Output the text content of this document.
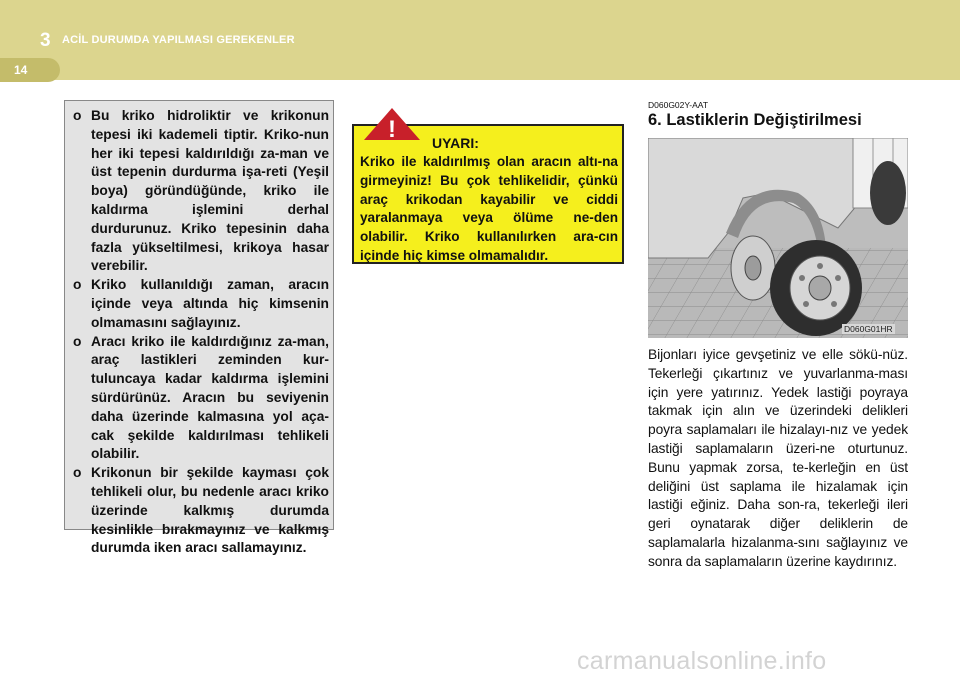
3 ACİL DURUMDA YAPILMASI GEREKENLER
14
o Bu kriko hidroliktir ve krikonun tepesi iki kademeli tiptir. Kriko-nun her iki tepesi kaldırıldığı za-man ve üst tepenin durdurma işa-reti (Yeşil boya) göründüğünde, kriko ile kaldırma işlemini derhal durdurunuz. Kriko tepesinin daha fazla yükseltilmesi, krikoya hasar verebilir.
o Kriko kullanıldığı zaman, aracın içinde veya altında hiç kimsenin olmamasını sağlayınız.
o Aracı kriko ile kaldırdığınız za-man, araç lastikleri zeminden kur-tuluncaya kadar kaldırma işlemini sürdürünüz. Aracın bu seviyenin daha üzerinde kalmasına yol aça-cak şekilde kaldırılması tehlikeli olabilir.
o Krikonun bir şekilde kayması çok tehlikeli olur, bu nedenle aracı kriko üzerinde kalkmış durumda kesinlikle bırakmayınız ve kalkmış durumda iken aracı sallamayınız.
!	UYARI:
Kriko ile kaldırılmış olan aracın altı-na girmeyiniz! Bu çok tehlikelidir, çünkü araç krikodan kayabilir ve ciddi yaralanmaya veya ölüme ne-den olabilir. Kriko kullanılırken ara-cın içinde hiç kimse olmamalıdır.
D060G02Y-AAT
6. Lastiklerin Değiştirilmesi
D060G01HR
Bijonları iyice gevşetiniz ve elle sökü-nüz. Tekerleği çıkartınız ve yuvarlanma-ması için yere yatırınız. Yedek lastiği poyraya takmak için alın ve üzerindeki delikleri poyra saplamaları ile hizalayı-nız ve yedek lastiği saplamaların üzeri-ne oturtunuz. Bunu yapmak zorsa, te-kerleğin en üst deliğini üst saplama ile hizalamak için lastiği eğiniz. Daha son-ra, tekerleği ileri geri oynatarak diğer deliklerin de saplamalarla hizalanma-sını sağlayınız ve sonra da saplamaların üzerine kaydırınız.
carmanualsonline.info
